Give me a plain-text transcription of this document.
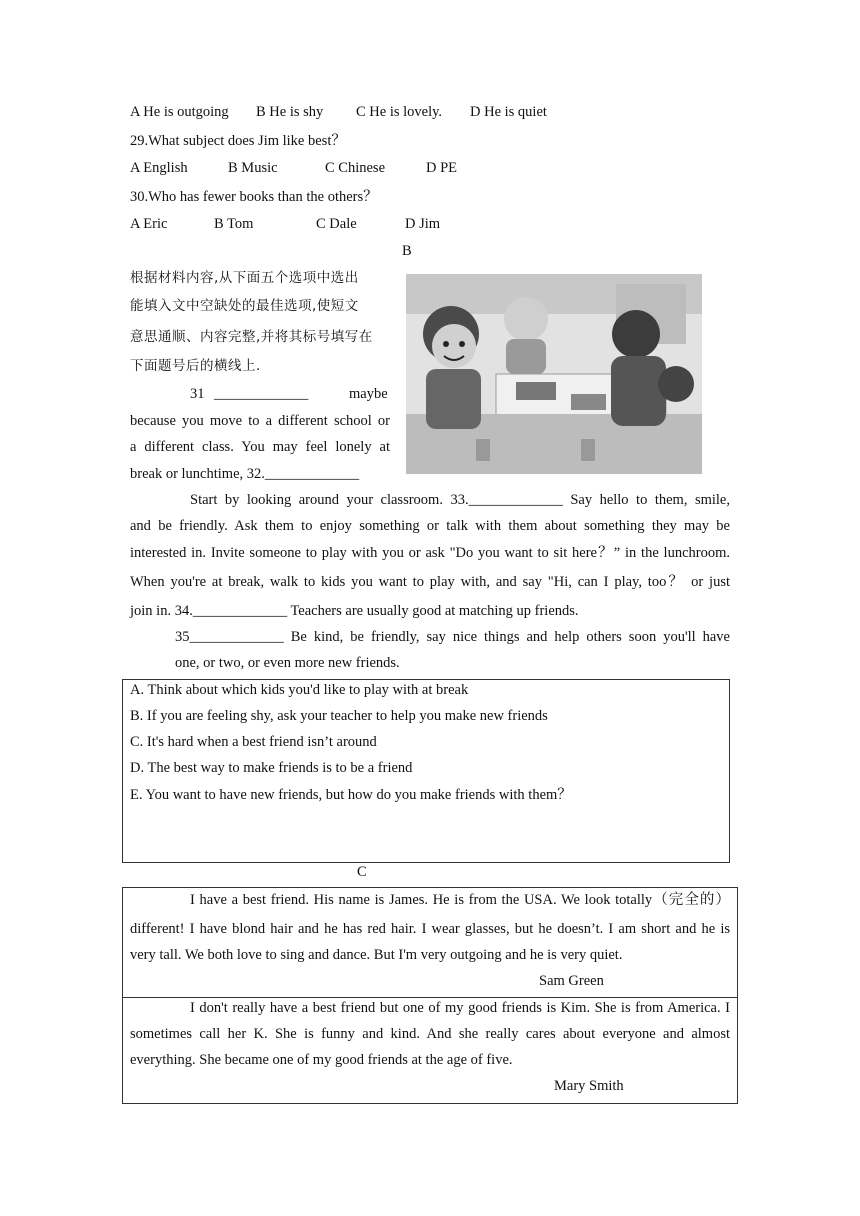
A He is outgoing B He is shy C He is lovely. D He is quiet
29.What subject does Jim like best？
A English	B Music	C Chinese	D PE
30.Who has fewer books than the others？
A Eric	B Tom	C Dale	D Jim
B
根据材料内容,从下面五个选项中选出
能填入文中空缺处的最佳选项,使短文
意思通顺、内容完整,并将其标号填写在
下面题号后的横线上.
31 _____________	maybe
because you move to a different school or
a different class. You may feel lonely at
break or lunchtime, 32._____________
Start by looking around your classroom. 33._____________ Say hello to them, smile,
and be friendly. Ask them to enjoy something or talk with them about something they may be
interested in. Invite someone to play with you or ask "Do you want to sit here？” in the lunchroom.
When you're at break, walk to kids you want to play with, and say "Hi, can I play, too？ or just
join in. 34._____________ Teachers are usually good at matching up friends.
35_____________ Be kind, be friendly, say nice things and help others soon you'll have
one, or two, or even more new friends.
A. Think about which kids you'd like to play with at break
B. If you are feeling shy, ask your teacher to help you make new friends
C. It's hard when a best friend isn’t around
D. The best way to make friends is to be a friend
E. You want to have new friends, but how do you make friends with them？
C
I have a best friend. His name is James. He is from the USA. We look totally（完全的）
different! I have blond hair and he has red hair. I wear glasses, but he doesn’t. I am short and he is
very tall. We both love to sing and dance. But I'm very outgoing and he is very quiet.
Sam Green
I don't really have a best friend but one of my good friends is Kim. She is from America. I
sometimes call her K. She is funny and kind. And she really cares about everyone and almost
everything. She became one of my good friends at the age of five.
Mary Smith
